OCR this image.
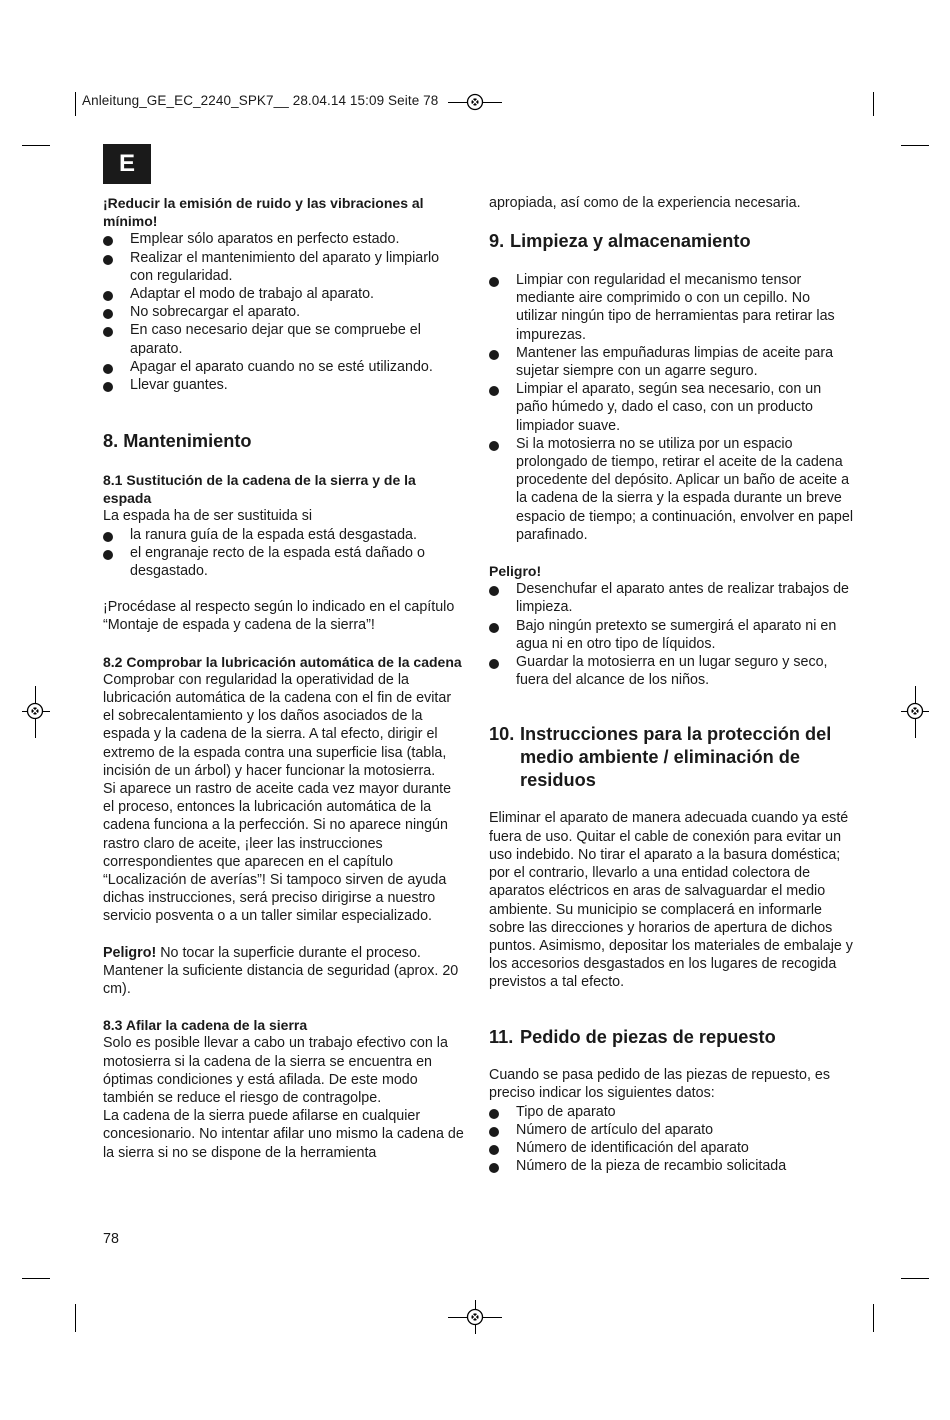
Anleitung_GE_EC_2240_SPK7__ 28.04.14 15:09 Seite 78
E

¡Reducir la emisión de ruido y las vibraciones al mínimo!

Emplear sólo aparatos en perfecto estado.
Realizar el mantenimiento del aparato y limpiarlo con regularidad.
Adaptar el modo de trabajo al aparato.
No sobrecargar el aparato.
En caso necesario dejar que se compruebe el aparato.
Apagar el aparato cuando no se esté utilizando.
Llevar guantes.

8. Mantenimiento

8.1 Sustitución de la cadena de la sierra y de la espada

La espada ha de ser sustituida si

la ranura guía de la espada está desgastada.
el engranaje recto de la espada está dañado o desgastado.

¡Procédase al respecto según lo indicado en el capítulo “Montaje de espada y cadena de la sierra”!

8.2 Comprobar la lubricación automática de la cadena

Comprobar con regularidad la operatividad de la lubricación automática de la cadena con el fin de evitar el sobrecalentamiento y los daños asociados de la espada y la cadena de la sierra. A tal efecto, dirigir el extremo de la espada contra una superficie lisa (tabla, incisión de un árbol) y hacer funcionar la motosierra.

Si aparece un rastro de aceite cada vez mayor durante el proceso, entonces la lubricación automática de la cadena funciona a la perfección. Si no aparece ningún rastro claro de aceite, ¡leer las instrucciones correspondientes que aparecen en el capítulo “Localización de averías”! Si tampoco sirven de ayuda dichas instrucciones, será preciso dirigirse a nuestro servicio posventa o a un taller similar especializado.

Peligro! No tocar la superficie durante el proceso. Mantener la suficiente distancia de seguridad (aprox. 20 cm).

8.3 Afilar la cadena de la sierra

Solo es posible llevar a cabo un trabajo efectivo con la motosierra si la cadena de la sierra se encuentra en óptimas condiciones y está afilada. De este modo también se reduce el riesgo de contragolpe.

La cadena de la sierra puede afilarse en cualquier concesionario. No intentar afilar uno mismo la cadena de la sierra si no se dispone de la herramienta

apropiada, así como de la experiencia necesaria.

9. Limpieza y almacenamiento
Limpiar con regularidad el mecanismo tensor mediante aire comprimido o con un cepillo. No utilizar ningún tipo de herramientas para retirar las impurezas.
Mantener las empuñaduras limpias de aceite para sujetar siempre con un agarre seguro.
Limpiar el aparato, según sea necesario, con un paño húmedo y, dado el caso, con un producto limpiador suave.
Si la motosierra no se utiliza por un espacio prolongado de tiempo, retirar el aceite de la cadena procedente del depósito. Aplicar un baño de aceite a la cadena de la sierra y la espada durante un breve espacio de tiempo; a continuación, envolver en papel parafinado.

Peligro!

Desenchufar el aparato antes de realizar trabajos de limpieza.
Bajo ningún pretexto se sumergirá el aparato ni en agua ni en otro tipo de líquidos.
Guardar la motosierra en un lugar seguro y seco, fuera del alcance de los niños.
10. Instrucciones para la protección del medio ambiente / eliminación de residuos

Eliminar el aparato de manera adecuada cuando ya esté fuera de uso. Quitar el cable de conexión para evitar un uso indebido. No tirar el aparato a la basura doméstica; por el contrario, llevarlo a una entidad colectora de aparatos eléctricos en aras de salvaguardar el medio ambiente. Su municipio se complacerá en informarle sobre las direcciones y horarios de apertura de dichos puntos. Asimismo, depositar los materiales de embalaje y los accesorios desgastados en los lugares de recogida previstos a tal efecto.

11. Pedido de piezas de repuesto

Cuando se pasa pedido de las piezas de repuesto, es preciso indicar los siguientes datos:

Tipo de aparato
Número de artículo del aparato
Número de identificación del aparato
Número de la pieza de recambio solicitada
78
